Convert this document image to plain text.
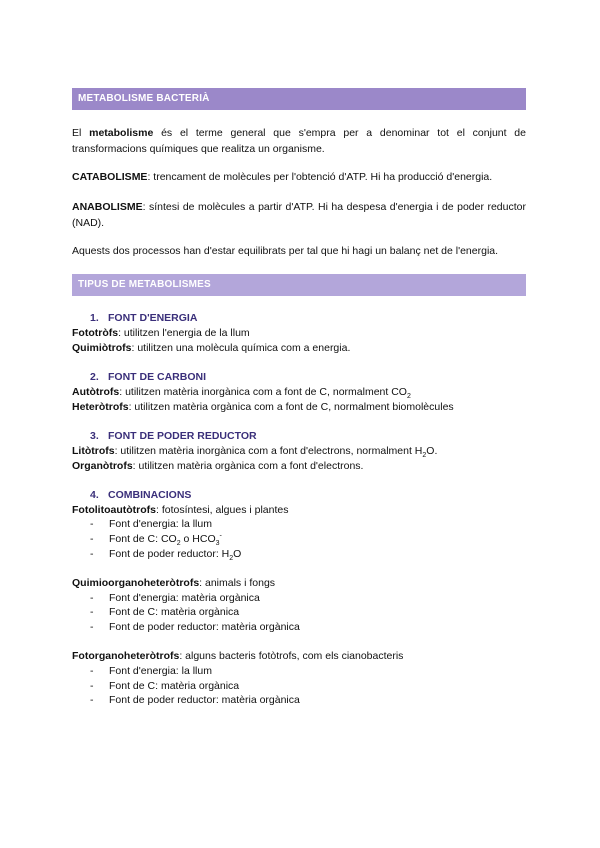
METABOLISME BACTERIÀ

El metabolisme és el terme general que s'empra per a denominar tot el conjunt de transformacions químiques que realitza un organisme.

CATABOLISME: trencament de molècules per l'obtenció d'ATP. Hi ha producció d'energia.

ANABOLISME: síntesi de molècules a partir d'ATP. Hi ha despesa d'energia i de poder reductor (NAD).

Aquests dos processos han d'estar equilibrats per tal que hi hagi un balanç net de l'energia.

TIPUS DE METABOLISMES
1. FONT D'ENERGIA
Fototròfs: utilitzen l'energia de la llum
Quimiòtrofs: utilitzen una molècula química com a energia.
2. FONT DE CARBONI
Autòtrofs: utilitzen matèria inorgànica com a font de C, normalment $CO_2$
Heteròtrofs: utilitzen matèria orgànica com a font de C, normalment biomolècules
3. FONT DE PODER REDUCTOR
Litòtrofs: utilitzen matèria inorgànica com a font d'electrons, normalment $H_2O$.
Organòtrofs: utilitzen matèria orgànica com a font d'electrons.
4. COMBINACIONS
Fotolitoautòtrofs: fotosíntesi, algues i plantes
- Font d'energia: la llum
- Font de C: $CO_2$ o $HCO_3^-$
- Font de poder reductor: $H_2O$
Quimioorganoheteròtrofs: animals i fongs
- Font d'energia: matèria orgànica
- Font de C: matèria orgànica
- Font de poder reductor: matèria orgànica
Fotorganoheteròtrofs: alguns bacteris fotòtrofs, com els cianobacteris
- Font d'energia: la llum
- Font de C: matèria orgànica
- Font de poder reductor: matèria orgànica
